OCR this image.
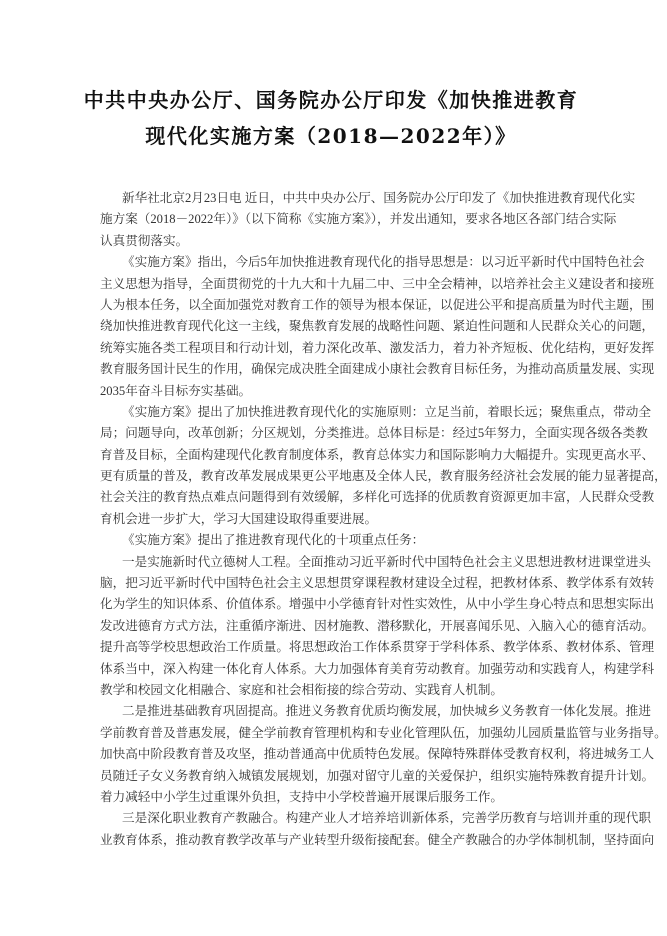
中共中央办公厅、国务院办公厅印发《加快推进教育
现代化实施方案（2018—2022年）》
新华社北京2月23日电 近日，中共中央办公厅、国务院办公厅印发了《加快推进教育现代化实
施方案（2018－2022年）》（以下简称《实施方案》），并发出通知，要求各地区各部门结合实际
认真贯彻落实。
《实施方案》指出，今后5年加快推进教育现代化的指导思想是：以习近平新时代中国特色社会
主义思想为指导，全面贯彻党的十九大和十九届二中、三中全会精神，以培养社会主义建设者和接班
人为根本任务，以全面加强党对教育工作的领导为根本保证，以促进公平和提高质量为时代主题，围
绕加快推进教育现代化这一主线，聚焦教育发展的战略性问题、紧迫性问题和人民群众关心的问题，
统筹实施各类工程项目和行动计划，着力深化改革、激发活力，着力补齐短板、优化结构，更好发挥
教育服务国计民生的作用，确保完成决胜全面建成小康社会教育目标任务，为推动高质量发展、实现
2035年奋斗目标夯实基础。
《实施方案》提出了加快推进教育现代化的实施原则：立足当前，着眼长远；聚焦重点，带动全
局；问题导向，改革创新；分区规划，分类推进。总体目标是：经过5年努力，全面实现各级各类教
育普及目标，全面构建现代化教育制度体系，教育总体实力和国际影响力大幅提升。实现更高水平、
更有质量的普及，教育改革发展成果更公平地惠及全体人民，教育服务经济社会发展的能力显著提高，
社会关注的教育热点难点问题得到有效缓解，多样化可选择的优质教育资源更加丰富，人民群众受教
育机会进一步扩大，学习大国建设取得重要进展。
《实施方案》提出了推进教育现代化的十项重点任务：
一是实施新时代立德树人工程。全面推动习近平新时代中国特色社会主义思想进教材进课堂进头
脑，把习近平新时代中国特色社会主义思想贯穿课程教材建设全过程，把教材体系、教学体系有效转
化为学生的知识体系、价值体系。增强中小学德育针对性实效性，从中小学生身心特点和思想实际出
发改进德育方式方法，注重循序渐进、因材施教、潜移默化，开展喜闻乐见、入脑入心的德育活动。
提升高等学校思想政治工作质量。将思想政治工作体系贯穿于学科体系、教学体系、教材体系、管理
体系当中，深入构建一体化育人体系。大力加强体育美育劳动教育。加强劳动和实践育人，构建学科
教学和校园文化相融合、家庭和社会相衔接的综合劳动、实践育人机制。
二是推进基础教育巩固提高。推进义务教育优质均衡发展，加快城乡义务教育一体化发展。推进
学前教育普及普惠发展，健全学前教育管理机构和专业化管理队伍，加强幼儿园质量监管与业务指导。
加快高中阶段教育普及攻坚，推动普通高中优质特色发展。保障特殊群体受教育权利，将进城务工人
员随迁子女义务教育纳入城镇发展规划，加强对留守儿童的关爱保护，组织实施特殊教育提升计划。
着力减轻中小学生过重课外负担，支持中小学校普遍开展课后服务工作。
三是深化职业教育产教融合。构建产业人才培养培训新体系，完善学历教育与培训并重的现代职
业教育体系，推动教育教学改革与产业转型升级衔接配套。健全产教融合的办学体制机制，坚持面向
